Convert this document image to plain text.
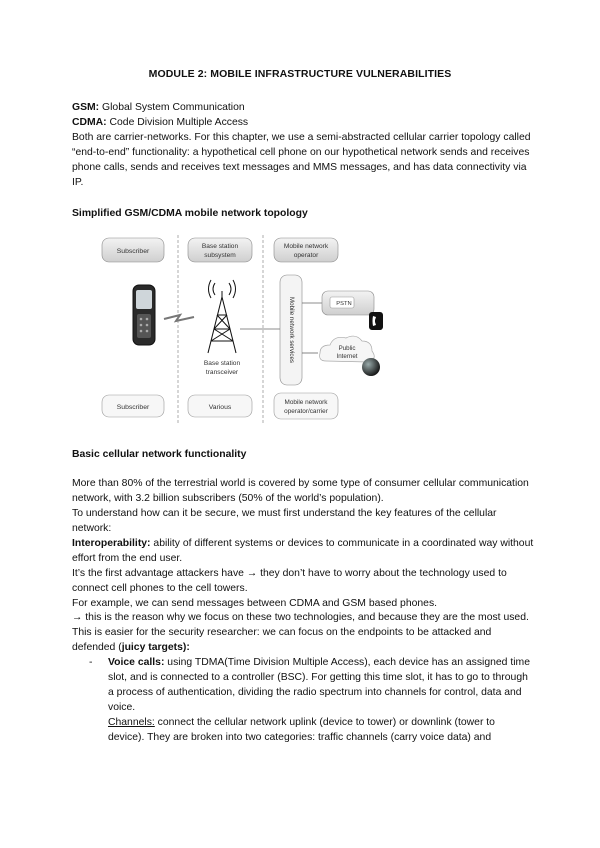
MODULE 2: MOBILE INFRASTRUCTURE VULNERABILITIES

GSM: Global System Communication

CDMA: Code Division Multiple Access

Both are carrier-networks. For this chapter, we use a semi-abstracted cellular carrier topology called “end-to-end” functionality: a hypothetical cell phone on our hypothetical network sends and receives phone calls, sends and receives text messages and MMS messages, and has data connectivity via IP.

Simplified GSM/CDMA mobile network topology

Subscriber
Base station
subsystem
Mobile network
operator
Base station
transceiver
Mobile network services	PSTN
Public
Internet
Subscriber	Various
Mobile network
operator/carrier

Basic cellular network functionality

More than 80% of the terrestrial world is covered by some type of consumer cellular communication network, with 3.2 billion subscribers (50% of the world’s population).

To understand how can it be secure, we must first understand the key features of the cellular network:

Interoperability: ability of different systems or devices to communicate in a coordinated way without effort from the end user.

It’s the first advantage attackers have → they don’t have to worry about the technology used to connect cell phones to the cell towers.

For example, we can send messages between CDMA and GSM based phones.

→ this is the reason why we focus on these two technologies, and because they are the most used.

This is easier for the security researcher: we can focus on the endpoints to be attacked and defended (juicy targets):

- Voice calls: using TDMA(Time Division Multiple Access), each device has an assigned time slot, and is connected to a controller (BSC). For getting this time slot, it has to go to through a process of authentication, dividing the radio spectrum into channels for control, data and voice.

Channels: connect the cellular network uplink (device to tower) or downlink (tower to device). They are broken into two categories: traffic channels (carry voice data) and
